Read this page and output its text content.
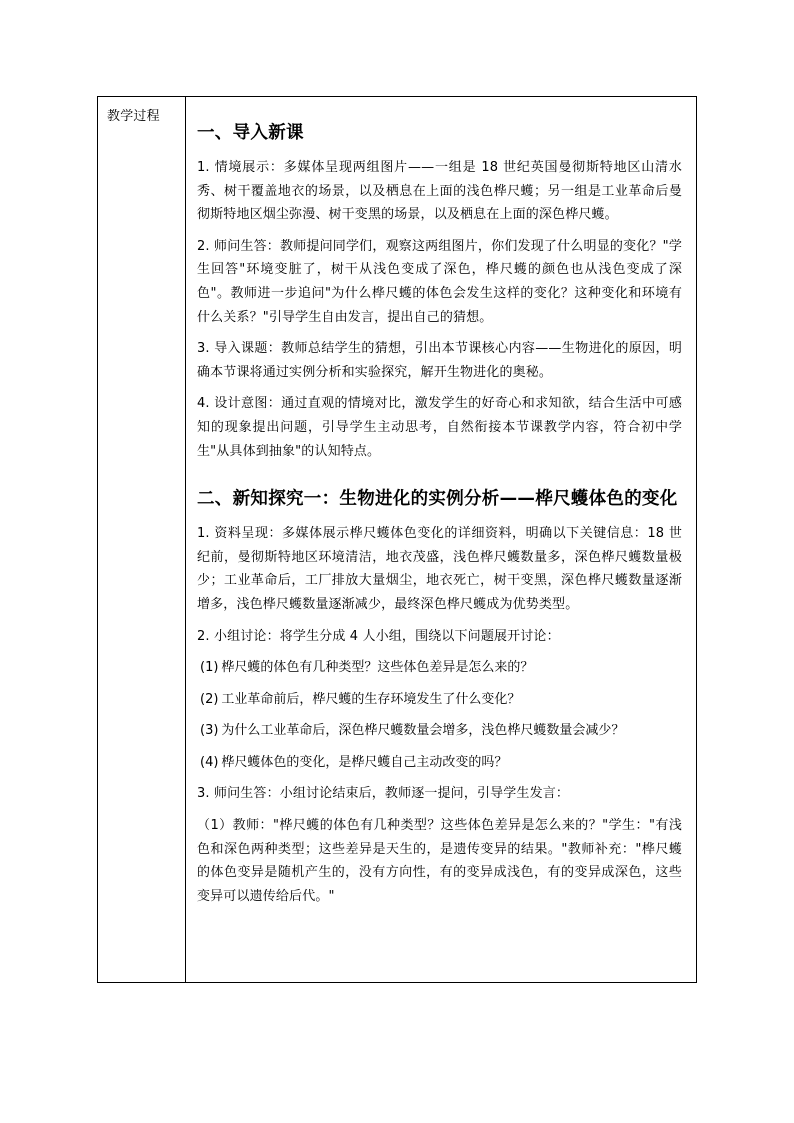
教学过程

一、导入新课

1. 情境展示：多媒体呈现两组图片——一组是 18 世纪英国曼彻斯特地区山清水秀、树干覆盖地衣的场景，以及栖息在上面的浅色桦尺蠖；另一组是工业革命后曼彻斯特地区烟尘弥漫、树干变黑的场景，以及栖息在上面的深色桦尺蠖。

2. 师问生答：教师提问同学们，观察这两组图片，你们发现了什么明显的变化？"学生回答"环境变脏了，树干从浅色变成了深色，桦尺蠖的颜色也从浅色变成了深色"。教师进一步追问"为什么桦尺蠖的体色会发生这样的变化？这种变化和环境有什么关系？"引导学生自由发言，提出自己的猜想。

3. 导入课题：教师总结学生的猜想，引出本节课核心内容——生物进化的原因，明确本节课将通过实例分析和实验探究，解开生物进化的奥秘。

4. 设计意图：通过直观的情境对比，激发学生的好奇心和求知欲，结合生活中可感知的现象提出问题，引导学生主动思考，自然衔接本节课教学内容，符合初中学生"从具体到抽象"的认知特点。

二、新知探究一：生物进化的实例分析——桦尺蠖体色的变化

1. 资料呈现：多媒体展示桦尺蠖体色变化的详细资料，明确以下关键信息：18 世纪前，曼彻斯特地区环境清洁，地衣茂盛，浅色桦尺蠖数量多，深色桦尺蠖数量极少；工业革命后，工厂排放大量烟尘，地衣死亡，树干变黑，深色桦尺蠖数量逐渐增多，浅色桦尺蠖数量逐渐减少，最终深色桦尺蠖成为优势类型。

2. 小组讨论：将学生分成 4 人小组，围绕以下问题展开讨论：

(1) 桦尺蠖的体色有几种类型？这些体色差异是怎么来的？

(2) 工业革命前后，桦尺蠖的生存环境发生了什么变化？

(3) 为什么工业革命后，深色桦尺蠖数量会增多，浅色桦尺蠖数量会减少？

(4) 桦尺蠖体色的变化，是桦尺蠖自己主动改变的吗？

3. 师问生答：小组讨论结束后，教师逐一提问，引导学生发言：

（1）教师："桦尺蠖的体色有几种类型？这些体色差异是怎么来的？"学生："有浅色和深色两种类型；这些差异是天生的，是遗传变异的结果。"教师补充："桦尺蠖的体色变异是随机产生的，没有方向性，有的变异成浅色，有的变异成深色，这些变异可以遗传给后代。"
